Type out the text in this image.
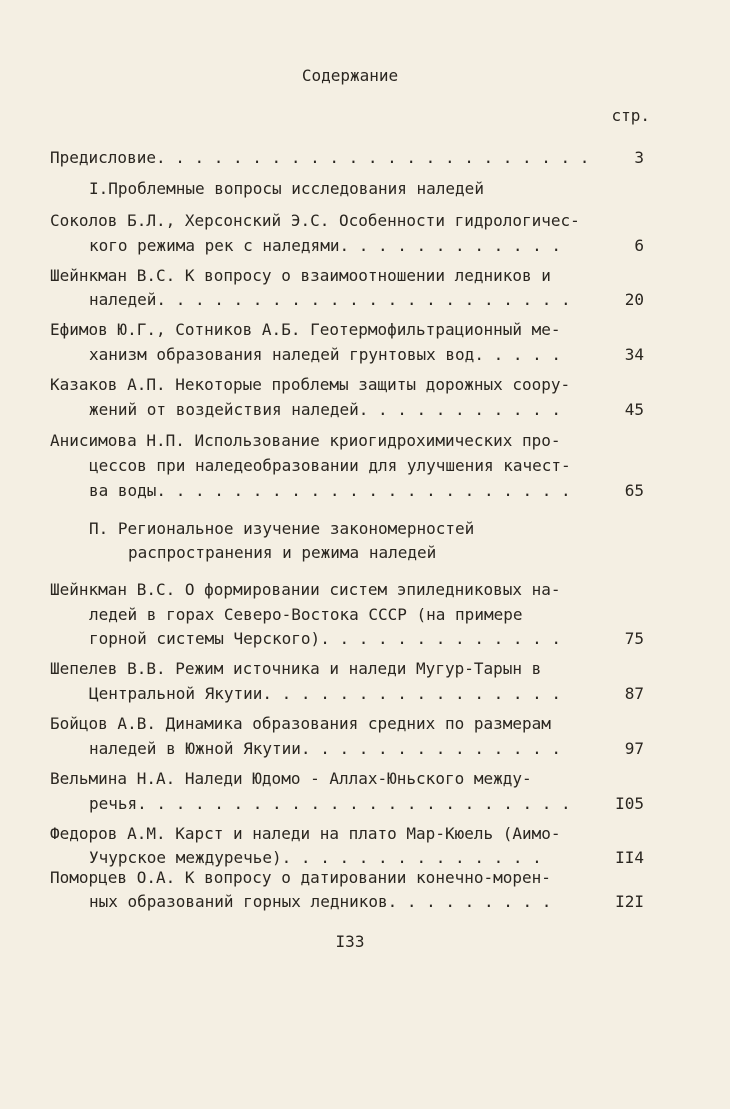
Содержание
стр.
Предисловие. . . . . . . . . . . . . . . . . . . . . . .	3
I.Проблемные вопросы исследования наледей
Соколов Б.Л., Херсонский Э.С. Особенности гидрологичес-
кого режима рек с наледями. . . . . . . . . . . .	6
Шейнкман В.С. К вопросу о взаимоотношении ледников и
наледей. . . . . . . . . . . . . . . . . . . . . .	20
Ефимов Ю.Г., Сотников А.Б. Геотермофильтрационный ме-
ханизм образования наледей грунтовых вод. . . . .	34
Казаков А.П. Некоторые проблемы защиты дорожных соору-
жений от воздействия наледей. . . . . . . . . . .	45
Анисимова Н.П. Использование криогидрохимических про-
цессов при наледеобразовании для улучшения качест-
ва воды. . . . . . . . . . . . . . . . . . . . . .	65
П. Региональное изучение закономерностей
распространения и режима наледей
Шейнкман В.С. О формировании систем эпиледниковых на-
ледей в горах Северо-Востока СССР (на примере
горной системы Черского). . . . . . . . . . . . .	75
Шепелев В.В. Режим источника и наледи Мугур-Тарын в
Центральной Якутии. . . . . . . . . . . . . . . .	87
Бойцов А.В. Динамика образования средних по размерам
наледей в Южной Якутии. . . . . . . . . . . . . .	97
Вельмина Н.А. Наледи Юдомо - Аллах-Юньского междy-
речья. . . . . . . . . . . . . . . . . . . . . . .	I05
Федоров А.М. Карст и наледи на плато Мар-Кюель (Аимо-
Учурское междуречье). . . . . . . . . . . . . .	II4
Поморцев О.А. К вопросу о датировании конечно-морен-
ных образований горных ледников. . . . . . . . .	I2I
I33
